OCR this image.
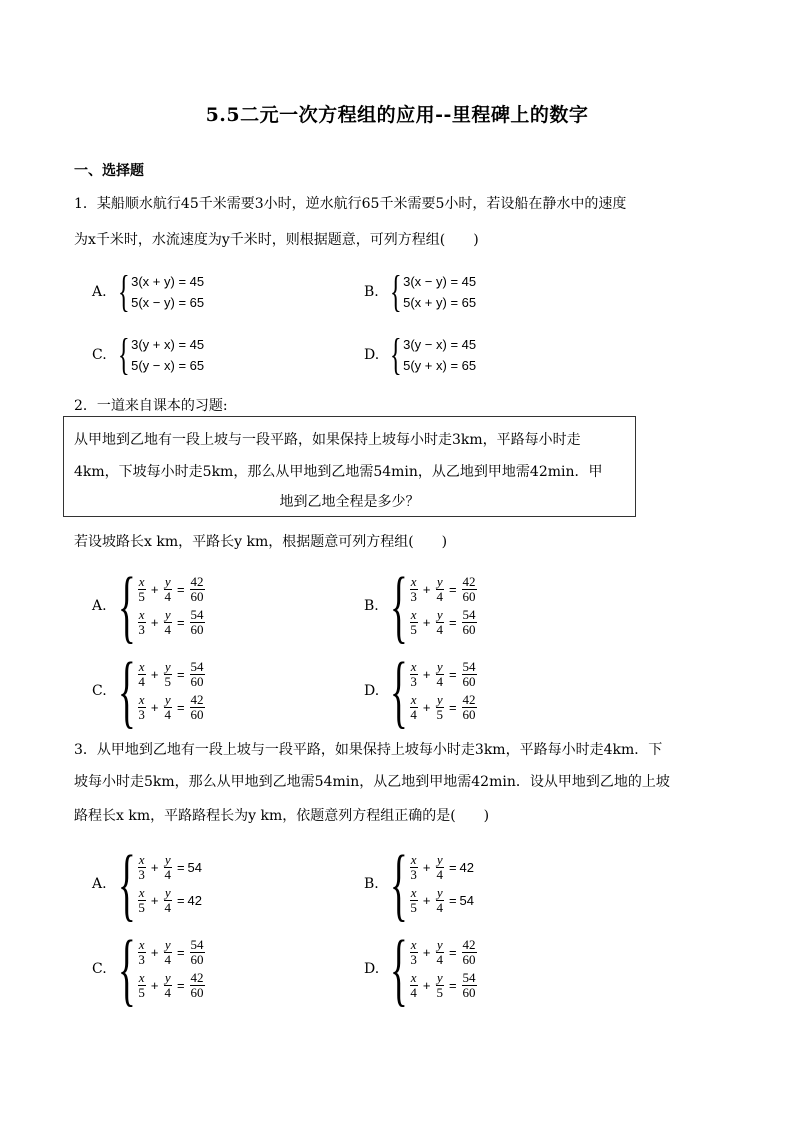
5.5二元一次方程组的应用--里程碑上的数字
一、选择题
1．某船顺水航行45千米需要3小时，逆水航行65千米需要5小时，若设船在静水中的速度
为x千米时，水流速度为y千米时，则根据题意，可列方程组(　　)
A. { 3(x + y) = 45
5(x − y) = 65
B. { 3(x − y) = 45
5(x + y) = 65
C. { 3(y + x) = 45
5(y − x) = 65
D. { 3(y − x) = 45
5(y + x) = 65
2．一道来自课本的习题:
从甲地到乙地有一段上坡与一段平路，如果保持上坡每小时走3km，平路每小时走
4km，下坡每小时走5km，那么从甲地到乙地需54min，从乙地到甲地需42min．甲
地到乙地全程是多少？
若设坡路长x km，平路长y km，根据题意可列方程组(　　)
A. { $\frac{x}{5} + \frac{y}{4} = \frac{42}{60}$
$\frac{x}{3} + \frac{y}{4} = \frac{54}{60}$
B. { $\frac{x}{3} + \frac{y}{4} = \frac{42}{60}$
$\frac{x}{5} + \frac{y}{4} = \frac{54}{60}$
C. { $\frac{x}{4} + \frac{y}{5} = \frac{54}{60}$
$\frac{x}{3} + \frac{y}{4} = \frac{42}{60}$
D. { $\frac{x}{3} + \frac{y}{4} = \frac{54}{60}$
$\frac{x}{4} + \frac{y}{5} = \frac{42}{60}$
3．从甲地到乙地有一段上坡与一段平路，如果保持上坡每小时走3km，平路每小时走4km．下
坡每小时走5km，那么从甲地到乙地需54min，从乙地到甲地需42min．设从甲地到乙地的上坡
路程长x km，平路路程长为y km，依题意列方程组正确的是(　　)
A. { $\frac{x}{3} + \frac{y}{4} = 54$
$\frac{x}{5} + \frac{y}{4} = 42$
B. { $\frac{x}{3} + \frac{y}{4} = 42$
$\frac{x}{5} + \frac{y}{4} = 54$
C. { $\frac{x}{3} + \frac{y}{4} = \frac{54}{60}$
$\frac{x}{5} + \frac{y}{4} = \frac{42}{60}$
D. { $\frac{x}{3} + \frac{y}{4} = \frac{42}{60}$
$\frac{x}{4} + \frac{y}{5} = \frac{54}{60}$
